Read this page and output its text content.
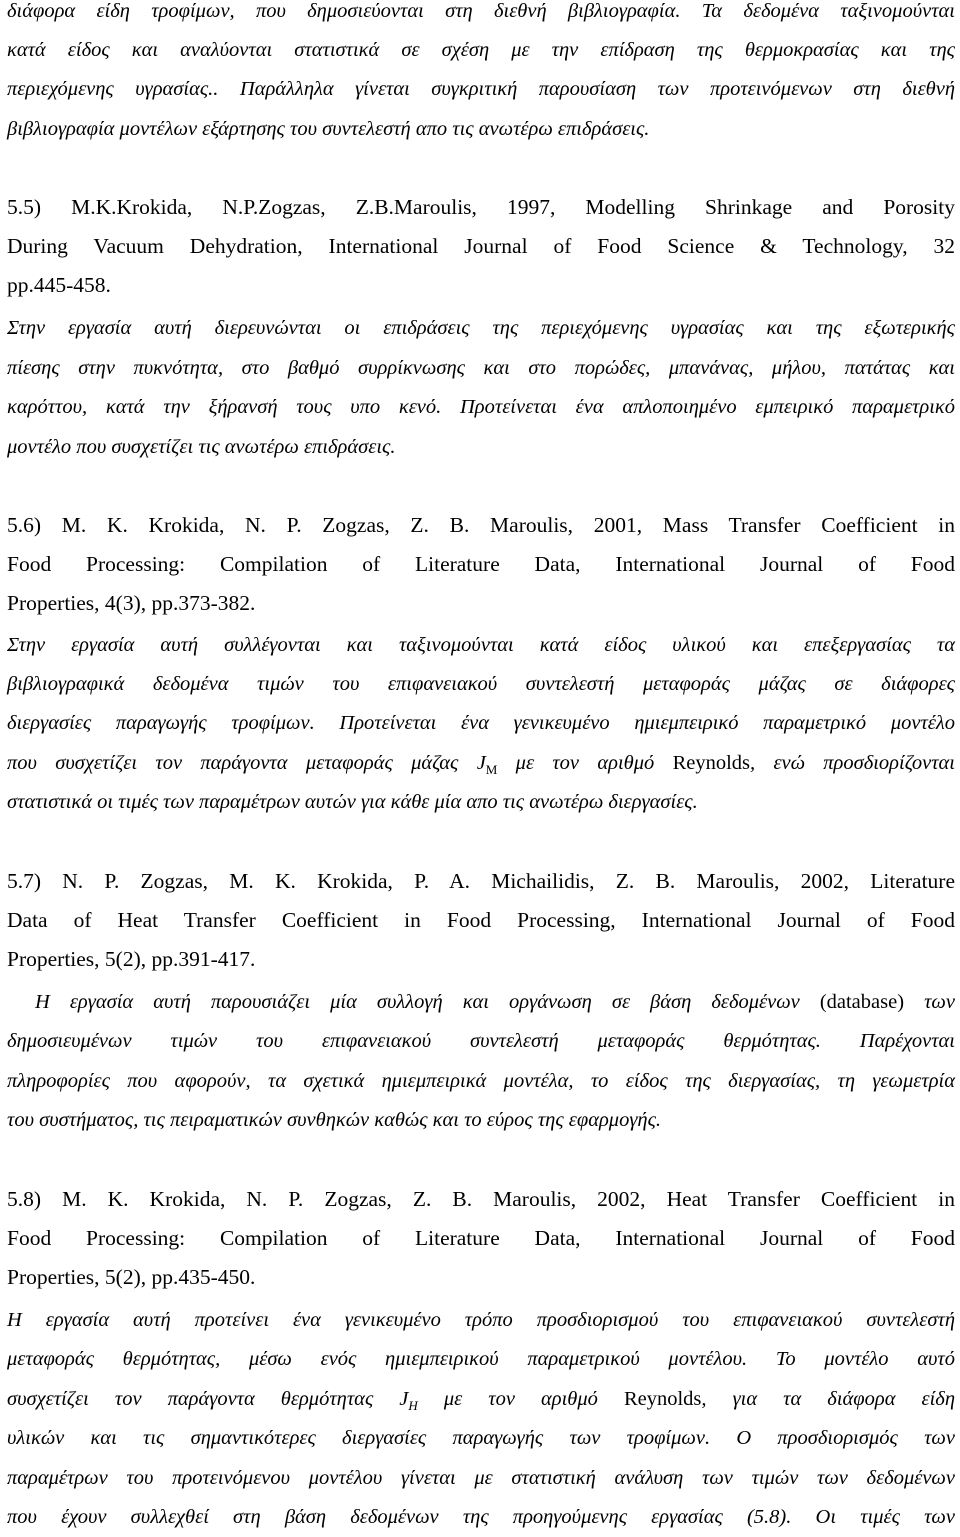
διάφορα είδη τροφίμων, που δημοσιεύονται στη διεθνή βιβλιογραφία. Τα δεδομένα ταξινομούνται
κατά είδος και αναλύονται στατιστικά σε σχέση με την επίδραση της θερμοκρασίας και της
περιεχόμενης υγρασίας.. Παράλληλα γίνεται συγκριτική παρουσίαση των προτεινόμενων στη διεθνή
βιβλιογραφία μοντέλων εξάρτησης του συντελεστή απο τις ανωτέρω επιδράσεις.
5.5) M.K.Krokida, N.P.Zogzas, Z.B.Maroulis, 1997, Modelling Shrinkage and Porosity
During Vacuum Dehydration, International Journal of Food Science & Technology, 32
pp.445-458.
Στην εργασία αυτή διερευνώνται οι επιδράσεις της περιεχόμενης υγρασίας και της εξωτερικής
πίεσης στην πυκνότητα, στο βαθμό συρρίκνωσης και στο πορώδες, μπανάνας, μήλου, πατάτας και
καρόττου, κατά την ξήρανσή τους υπο κενό. Προτείνεται ένα απλοποιημένο εμπειρικό παραμετρικό
μοντέλο που συσχετίζει τις ανωτέρω επιδράσεις.
5.6) M. K. Krokida, N. P. Zogzas, Z. B. Maroulis, 2001, Mass Transfer Coefficient in
Food Processing: Compilation of Literature Data, International Journal of Food
Properties, 4(3), pp.373-382.
Στην εργασία αυτή συλλέγονται και ταξινομούνται κατά είδος υλικού και επεξεργασίας τα
βιβλιογραφικά δεδομένα τιμών του επιφανειακού συντελεστή μεταφοράς μάζας σε διάφορες
διεργασίες παραγωγής τροφίμων. Προτείνεται ένα γενικευμένο ημιεμπειρικό παραμετρικό μοντέλο
που συσχετίζει τον παράγοντα μεταφοράς μάζας $J_M$ με τον αριθμό Reynolds, ενώ προσδιορίζονται
στατιστικά οι τιμές των παραμέτρων αυτών για κάθε μία απο τις ανωτέρω διεργασίες.
5.7) N. P. Zogzas, M. K. Krokida, P. A. Michailidis, Z. B. Maroulis, 2002, Literature
Data of Heat Transfer Coefficient in Food Processing, International Journal of Food
Properties, 5(2), pp.391-417.
Η εργασία αυτή παρουσιάζει μία συλλογή και οργάνωση σε βάση δεδομένων (database) των
δημοσιευμένων τιμών του επιφανειακού συντελεστή μεταφοράς θερμότητας. Παρέχονται
πληροφορίες που αφορούν, τα σχετικά ημιεμπειρικά μοντέλα, το είδος της διεργασίας, τη γεωμετρία
του συστήματος, τις πειραματικών συνθηκών καθώς και το εύρος της εφαρμογής.
5.8) M. K. Krokida, N. P. Zogzas, Z. B. Maroulis, 2002, Heat Transfer Coefficient in
Food Processing: Compilation of Literature Data, International Journal of Food
Properties, 5(2), pp.435-450.
Η εργασία αυτή προτείνει ένα γενικευμένο τρόπο προσδιορισμού του επιφανειακού συντελεστή
μεταφοράς θερμότητας, μέσω ενός ημιεμπειρικού παραμετρικού μοντέλου. Το μοντέλο αυτό
συσχετίζει τον παράγοντα θερμότητας $J_H$ με τον αριθμό Reynolds, για τα διάφορα είδη
υλικών και τις σημαντικότερες διεργασίες παραγωγής των τροφίμων. Ο προσδιορισμός των
παραμέτρων του προτεινόμενου μοντέλου γίνεται με στατιστική ανάλυση των τιμών των δεδομένων
που έχουν συλλεχθεί στη βάση δεδομένων της προηγούμενης εργασίας (5.8). Οι τιμές των
